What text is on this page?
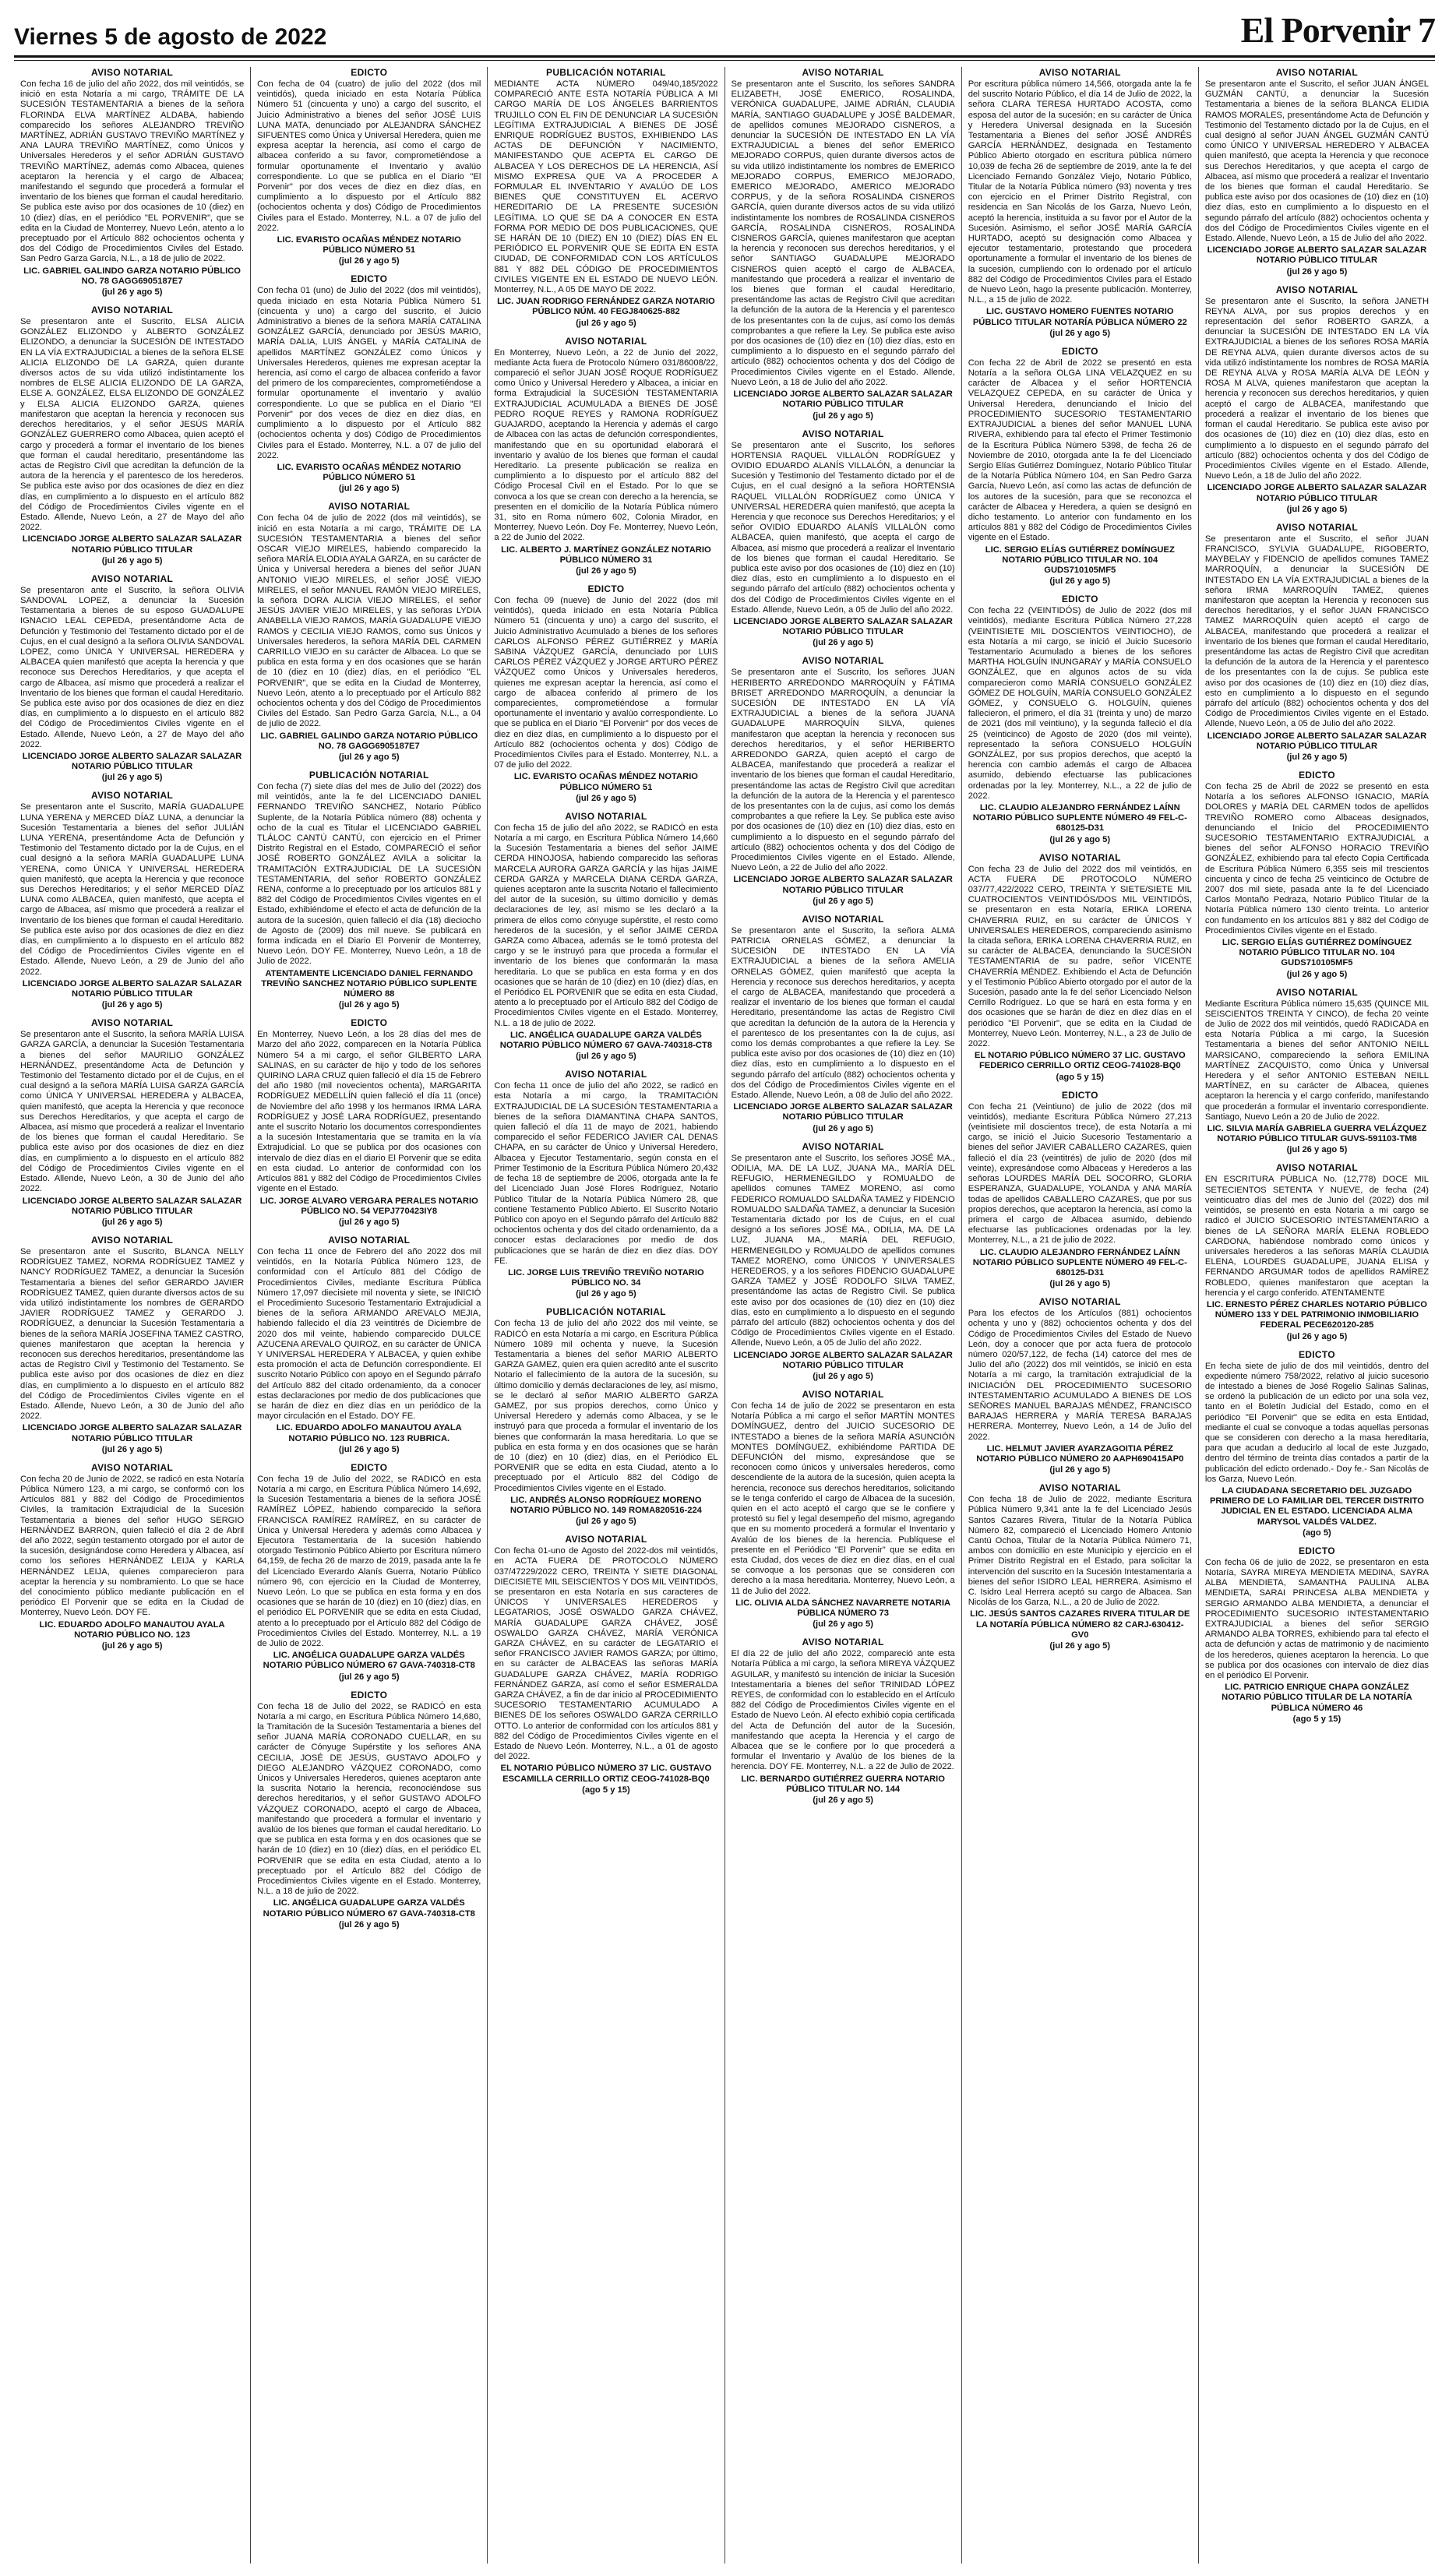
Viernes 5 de agosto de 2022	El Porvenir 7
AVISO NOTARIAL
Con fecha 16 de julio del año 2022, dos mil veintidós, se inició en esta Notaría a mi cargo, TRÁMITE DE LA SUCESIÓN TESTAMENTARIA a bienes de la señora FLORINDA ELVA MARTÍNEZ ALDABA, habiendo comparecido los señores ALEJANDRO TREVIÑO MARTÍNEZ, ADRIÁN GUSTAVO TREVIÑO MARTÍNEZ y ANA LAURA TREVIÑO MARTÍNEZ, como Únicos y Universales Herederos y el señor ADRIÁN GUSTAVO TREVIÑO MARTÍNEZ, además como Albacea, quienes aceptaron la herencia y el cargo de Albacea; manifestando el segundo que procederá a formular el inventario de los bienes que forman el caudal hereditario. Se publica este aviso por dos ocasiones de 10 (diez) en 10 (diez) días, en el periódico "EL PORVENIR", que se edita en la Ciudad de Monterrey, Nuevo León, atento a lo preceptuado por el Artículo 882 ochocientos ochenta y dos del Código de Procedimientos Civiles del Estado. San Pedro Garza García, N.L., a 18 de julio de 2022.
LIC. GABRIEL GALINDO GARZA NOTARIO PÚBLICO NO. 78 GAGG6905187E7
(jul 26 y ago 5)
AVISO NOTARIAL
Se presentaron ante el Suscrito, ELSA ALICIA GONZÁLEZ ELIZONDO y ALBERTO GONZÁLEZ ELIZONDO, a denunciar la SUCESIÓN DE INTESTADO EN LA VÍA EXTRAJUDICIAL a bienes de la señora ELSE ALICIA ELIZONDO DE LA GARZA, quien durante diversos actos de su vida utilizó indistintamente los nombres de ELSE ALICIA ELIZONDO DE LA GARZA, ELSE A. GONZÁLEZ, ELSA ELIZONDO DE GONZÁLEZ y ELSA ALICIA ELIZONDO GARZA, quienes manifestaron que aceptan la herencia y reconocen sus derechos hereditarios, y el señor JESÚS MARÍA GONZÁLEZ GUERRERO como Albacea, quien aceptó el cargo y procederá a formar el inventario de los bienes que forman el caudal hereditario, presentándome las actas de Registro Civil que acreditan la defunción de la autora de la herencia y el parentesco de los herederos. Se publica este aviso por dos ocasiones de diez en diez días, en cumplimiento a lo dispuesto en el artículo 882 del Código de Procedimientos Civiles vigente en el Estado. Allende, Nuevo León, a 27 de Mayo del año 2022.
LICENCIADO JORGE ALBERTO SALAZAR SALAZAR NOTARIO PÚBLICO TITULAR
(jul 26 y ago 5)
AVISO NOTARIAL
Se presentaron ante el Suscrito, la señora OLIVIA SANDOVAL LOPEZ, a denunciar la Sucesión Testamentaria a bienes de su esposo GUADALUPE IGNACIO LEAL CEPEDA, presentándome Acta de Defunción y Testimonio del Testamento dictado por el de Cujus, en el cual designó a la señora OLIVIA SANDOVAL LOPEZ, como ÚNICA Y UNIVERSAL HEREDERA y ALBACEA quien manifestó que acepta la herencia y que reconoce sus Derechos Hereditarios, y que acepta el cargo de Albacea, así mismo que procederá a realizar el Inventario de los bienes que forman el caudal Hereditario. Se publica este aviso por dos ocasiones de diez en diez días, en cumplimiento a lo dispuesto en el artículo 882 del Código de Procedimientos Civiles vigente en el Estado. Allende, Nuevo León, a 27 de Mayo del año 2022.
LICENCIADO JORGE ALBERTO SALAZAR SALAZAR NOTARIO PÚBLICO TITULAR
(jul 26 y ago 5)
AVISO NOTARIAL
Se presentaron ante el Suscrito, MARÍA GUADALUPE LUNA YERENA y MERCED DÍAZ LUNA, a denunciar la Sucesión Testamentaria a bienes del señor JULIÁN LUNA YERENA, presentándome Acta de Defunción y Testimonio del Testamento dictado por la de Cujus, en el cual designó a la señora MARÍA GUADALUPE LUNA YERENA, como ÚNICA Y UNIVERSAL HEREDERA quien manifestó, que acepta la Herencia y que reconoce sus Derechos Hereditarios; y el señor MERCED DÍAZ LUNA como ALBACEA, quien manifestó, que acepta el cargo de Albacea, así mismo que procederá a realizar el Inventario de los bienes que forman el caudal Hereditario. Se publica este aviso por dos ocasiones de diez en diez días, en cumplimiento a lo dispuesto en el artículo 882 del Código de Procedimientos Civiles vigente en el Estado. Allende, Nuevo León, a 29 de Junio del año 2022.
LICENCIADO JORGE ALBERTO SALAZAR SALAZAR NOTARIO PÚBLICO TITULAR
(jul 26 y ago 5)
AVISO NOTARIAL
Se presentaron ante el Suscrito, la señora MARÍA LUISA GARZA GARCÍA, a denunciar la Sucesión Testamentaria a bienes del señor MAURILIO GONZÁLEZ HERNÁNDEZ, presentándome Acta de Defunción y Testimonio del Testamento dictado por el de Cujus, en el cual designó a la señora MARÍA LUISA GARZA GARCÍA como ÚNICA Y UNIVERSAL HEREDERA y ALBACEA, quien manifestó, que acepta la Herencia y que reconoce sus Derechos Hereditarios, y que acepta el cargo de Albacea, así mismo que procederá a realizar el Inventario de los bienes que forman el caudal Hereditario. Se publica este aviso por dos ocasiones de diez en diez días, en cumplimiento a lo dispuesto en el artículo 882 del Código de Procedimientos Civiles vigente en el Estado. Allende, Nuevo León, a 30 de Junio del año 2022.
LICENCIADO JORGE ALBERTO SALAZAR SALAZAR NOTARIO PÚBLICO TITULAR
(jul 26 y ago 5)
AVISO NOTARIAL
Se presentaron ante el Suscrito, BLANCA NELLY RODRÍGUEZ TAMEZ, NORMA RODRÍGUEZ TAMEZ y NANCY RODRÍGUEZ TAMEZ, a denunciar la Sucesión Testamentaria a bienes del señor GERARDO JAVIER RODRÍGUEZ TAMEZ, quien durante diversos actos de su vida utilizó indistintamente los nombres de GERARDO JAVIER RODRÍGUEZ TAMEZ y GERARDO J. RODRÍGUEZ, a denunciar la Sucesión Testamentaria a bienes de la señora MARÍA JOSEFINA TAMEZ CASTRO, quienes manifestaron que aceptan la herencia y reconocen sus derechos hereditarios, presentándome las actas de Registro Civil y Testimonio del Testamento. Se publica este aviso por dos ocasiones de diez en diez días, en cumplimiento a lo dispuesto en el artículo 882 del Código de Procedimientos Civiles vigente en el Estado. Allende, Nuevo León, a 30 de Junio del año 2022.
LICENCIADO JORGE ALBERTO SALAZAR SALAZAR NOTARIO PÚBLICO TITULAR
(jul 26 y ago 5)
AVISO NOTARIAL
Con fecha 20 de Junio de 2022, se radicó en esta Notaría Pública Número 123, a mi cargo, se conformó con los Artículos 881 y 882 del Código de Procedimientos Civiles, la tramitación Extrajudicial de la Sucesión Testamentaria a bienes del señor HUGO SERGIO HERNÁNDEZ BARRON, quien falleció el día 2 de Abril del año 2022, según testamento otorgado por el autor de la sucesión, designándose como Heredera y Albacea, así como los señores HERNÁNDEZ LEIJA y KARLA HERNÁNDEZ LEIJA, quienes comparecieron para aceptar la herencia y su nombramiento. Lo que se hace del conocimiento público mediante publicación en el periódico El Porvenir que se edita en la Ciudad de Monterrey, Nuevo León. DOY FE.
LIC. EDUARDO ADOLFO MANAUTOU AYALA NOTARIO PÚBLICO NO. 123
(jul 26 y ago 5)
EDICTO
Con fecha de 04 (cuatro) de julio del 2022 (dos mil veintidós), queda iniciado en esta Notaría Pública Número 51 (cincuenta y uno) a cargo del suscrito, el Juicio Administrativo a bienes del señor JOSÉ LUIS LUNA MATA, denunciado por ALEJANDRA SÁNCHEZ SIFUENTES como Única y Universal Heredera, quien me expresa aceptar la herencia, así como el cargo de albacea conferido a su favor, comprometiéndose a formular oportunamente el Inventario y avalúo correspondiente. Lo que se publica en el Diario "El Porvenir" por dos veces de diez en diez días, en cumplimiento a lo dispuesto por el Artículo 882 (ochocientos ochenta y dos) Código de Procedimientos Civiles para el Estado. Monterrey, N.L. a 07 de julio del 2022.
LIC. EVARISTO OCAÑAS MÉNDEZ NOTARIO PÚBLICO NÚMERO 51
(jul 26 y ago 5)
EDICTO
Con fecha 01 (uno) de Julio del 2022 (dos mil veintidós), queda iniciado en esta Notaría Pública Número 51 (cincuenta y uno) a cargo del suscrito, el Juicio Administrativo a bienes de la señora MARÍA CATALINA GONZÁLEZ GARCÍA, denunciado por JESÚS MARIO, MARÍA DALIA, LUIS ÁNGEL y MARÍA CATALINA de apellidos MARTÍNEZ GONZÁLEZ como Únicos y Universales Herederos, quienes me expresan aceptar la herencia, así como el cargo de albacea conferido a favor del primero de los comparecientes, comprometiéndose a formular oportunamente el inventario y avalúo correspondiente. Lo que se publica en el Diario "El Porvenir" por dos veces de diez en diez días, en cumplimiento a lo dispuesto por el Artículo 882 (ochocientos ochenta y dos) Código de Procedimientos Civiles para el Estado. Monterrey, N.L. a 07 de julio del 2022.
LIC. EVARISTO OCAÑAS MÉNDEZ NOTARIO PÚBLICO NÚMERO 51
(jul 26 y ago 5)
AVISO NOTARIAL
Con fecha 04 de julio de 2022 (dos mil veintidós), se inició en esta Notaría a mi cargo, TRÁMITE DE LA SUCESIÓN TESTAMENTARIA a bienes del señor OSCAR VIEJO MIRELES, habiendo comparecido la señora MARÍA ELODIA AYALA GARZA, en su carácter de Única y Universal heredera a bienes del señor JUAN ANTONIO VIEJO MIRELES, el señor JOSÉ VIEJO MIRELES, el señor MANUEL RAMÓN VIEJO MIRELES, la señora DORA ALICIA VIEJO MIRELES, el señor JESÚS JAVIER VIEJO MIRELES, y las señoras LYDIA ANABELLA VIEJO RAMOS, MARÍA GUADALUPE VIEJO RAMOS y CECILIA VIEJO RAMOS, como sus Únicos y Universales herederos, la señora MARÍA DEL CARMEN CARRILLO VIEJO en su carácter de Albacea. Lo que se publica en esta forma y en dos ocasiones que se harán de 10 (diez en 10 (diez) días, en el periódico "EL PORVENIR", que se edita en la Ciudad de Monterrey, Nuevo León, atento a lo preceptuado por el Artículo 882 ochocientos ochenta y dos del Código de Procedimientos Civiles del Estado. San Pedro Garza García, N.L., a 04 de julio de 2022.
LIC. GABRIEL GALINDO GARZA NOTARIO PÚBLICO NO. 78 GAGG6905187E7
(jul 26 y ago 5)
PUBLICACIÓN NOTARIAL
Con fecha (7) siete días del mes de Julio del (2022) dos mil veintidós, ante la fe del LICENCIADO DANIEL FERNANDO TREVIÑO SANCHEZ, Notario Público Suplente, de la Notaría Pública número (88) ochenta y ocho de la cual es Titular el LICENCIADO GABRIEL TLÁLOC CANTÚ CANTÚ, con ejercicio en el Primer Distrito Registral en el Estado, COMPARECIÓ el señor JOSÉ ROBERTO GONZÁLEZ AVILA a solicitar la TRAMITACIÓN EXTRAJUDICIAL DE LA SUCESIÓN TESTAMENTARIA, del señor ROBERTO GONZÁLEZ RENA, conforme a lo preceptuado por los artículos 881 y 882 del Código de Procedimientos Civiles vigentes en el Estado, exhibiéndome el efecto el acta de defunción de la autora de la sucesión, quien falleció el día (18) dieciocho de Agosto de (2009) dos mil nueve. Se publicará en forma indicada en el Diario El Porvenir de Monterrey, Nuevo León. DOY FE. Monterrey, Nuevo León, a 18 de Julio de 2022.
ATENTAMENTE LICENCIADO DANIEL FERNANDO TREVIÑO SANCHEZ NOTARIO PÚBLICO SUPLENTE NÚMERO 88
(jul 26 y ago 5)
EDICTO
En Monterrey, Nuevo León, a los 28 días del mes de Marzo del año 2022, comparecen en la Notaría Pública Número 54 a mi cargo, el señor GILBERTO LARA SALINAS, en su carácter de hijo y todo de los señores QUIRINO LARA CRUZ quien falleció el día 15 de Febrero del año 1980 (mil novecientos ochenta), MARGARITA RODRÍGUEZ MEDELLÍN quien falleció el día 11 (once) de Noviembre del año 1998 y los hermanos IRMA LARA RODRÍGUEZ y JOSÉ LARA RODRÍGUEZ, presentando ante el suscrito Notario los documentos correspondientes a la sucesión Intestamentaria que se tramita en la vía Extrajudicial. Lo que se publica por dos ocasiones con intervalo de diez días en el diario El Porvenir que se edita en esta ciudad. Lo anterior de conformidad con los Artículos 881 y 882 del Código de Procedimientos Civiles vigente en el Estado.
LIC. JORGE ALVARO VERGARA PERALES NOTARIO PÚBLICO NO. 54 VEPJ770423IY8
(jul 26 y ago 5)
AVISO NOTARIAL
Con fecha 11 once de Febrero del año 2022 dos mil veintidós, en la Notaría Pública Número 123, de conformidad con el Artículo 881 del Código de Procedimientos Civiles, mediante Escritura Pública Número 17,097 diecisiete mil noventa y siete, se INICIÓ el Procedimiento Sucesorio Testamentario Extrajudicial a bienes de la señora ARMANDO AREVALO MEJIA, habiendo fallecido el día 23 veintitrés de Diciembre de 2020 dos mil veinte, habiendo comparecido DULCE AZUCENA AREVALO QUIROZ, en su carácter de ÚNICA Y UNIVERSAL HEREDERA Y ALBACEA, y quien exhibe esta promoción el acta de Defunción correspondiente. El suscrito Notario Público con apoyo en el Segundo párrafo del Artículo 882 del citado ordenamiento, da a conocer estas declaraciones por medio de dos publicaciones que se harán de diez en diez días en un periódico de la mayor circulación en el Estado. DOY FE.
LIC. EDUARDO ADOLFO MANAUTOU AYALA NOTARIO PÚBLICO NO. 123 RUBRICA.
(jul 26 y ago 5)
EDICTO
Con fecha 19 de Julio del 2022, se RADICÓ en esta Notaría a mi cargo, en Escritura Pública Número 14,692, la Sucesión Testamentaria a bienes de la señora JOSÉ RAMÍREZ LÓPEZ, habiendo comparecido la señora FRANCISCA RAMÍREZ RAMÍREZ, en su carácter de Única y Universal Heredera y además como Albacea y Ejecutora Testamentaria de la sucesión habiendo otorgado Testimonio Público Abierto por Escritura número 64,159, de fecha 26 de marzo de 2019, pasada ante la fe del Licenciado Everardo Alanís Guerra, Notario Público número 96, con ejercicio en la Ciudad de Monterrey, Nuevo León. Lo que se publica en esta forma y en dos ocasiones que se harán de 10 (diez) en 10 (diez) días, en el periódico EL PORVENIR que se edita en esta Ciudad, atento a lo preceptuado por el Artículo 882 del Código de Procedimientos Civiles del Estado. Monterrey, N.L. a 19 de Julio de 2022.
LIC. ANGÉLICA GUADALUPE GARZA VALDÉS NOTARIO PÚBLICO NÚMERO 67 GAVA-740318-CT8
(jul 26 y ago 5)
EDICTO
Con fecha 18 de Julio del 2022, se RADICÓ en esta Notaría a mi cargo, en Escritura Pública Número 14,680, la Tramitación de la Sucesión Testamentaria a bienes del señor JUANA MARÍA CORONADO CUELLAR, en su carácter de Cónyuge Supérstite y los señores ANA CECILIA, JOSÉ DE JESÚS, GUSTAVO ADOLFO y DIEGO ALEJANDRO VÁZQUEZ CORONADO, como Únicos y Universales Herederos, quienes aceptaron ante la suscrita Notario la herencia, reconociéndose sus derechos hereditarios, y el señor GUSTAVO ADOLFO VÁZQUEZ CORONADO, aceptó el cargo de Albacea, manifestando que procederá a formular el inventario y avalúo de los bienes que forman el caudal hereditario. Lo que se publica en esta forma y en dos ocasiones que se harán de 10 (diez) en 10 (diez) días, en el periódico EL PORVENIR que se edita en esta Ciudad, atento a lo preceptuado por el Artículo 882 del Código de Procedimientos Civiles vigente en el Estado. Monterrey, N.L. a 18 de julio de 2022.
LIC. ANGÉLICA GUADALUPE GARZA VALDÉS NOTARIO PÚBLICO NÚMERO 67 GAVA-740318-CT8
(jul 26 y ago 5)
PUBLICACIÓN NOTARIAL
MEDIANTE ACTA NÚMERO 049/40,185/2022 COMPARECIÓ ANTE ESTA NOTARÍA PÚBLICA A MI CARGO MARÍA DE LOS ÁNGELES BARRIENTOS TRUJILLO CON EL FIN DE DENUNCIAR LA SUCESIÓN LEGÍTIMA EXTRAJUDICIAL A BIENES DE JOSÉ ENRIQUE RODRÍGUEZ BUSTOS, EXHIBIENDO LAS ACTAS DE DEFUNCIÓN Y NACIMIENTO, MANIFESTANDO QUE ACEPTA EL CARGO DE ALBACEA Y LOS DERECHOS DE LA HERENCIA, ASÍ MISMO EXPRESA QUE VA A PROCEDER A FORMULAR EL INVENTARIO Y AVALÚO DE LOS BIENES QUE CONSTITUYEN EL ACERVO HEREDITARIO DE LA PRESENTE SUCESIÓN LEGÍTIMA. LO QUE SE DA A CONOCER EN ESTA FORMA POR MEDIO DE DOS PUBLICACIONES, QUE SE HARÁN DE 10 (DIEZ) EN 10 (DIEZ) DÍAS EN EL PERIÓDICO EL PORVENIR QUE SE EDITA EN ESTA CIUDAD, DE CONFORMIDAD CON LOS ARTÍCULOS 881 Y 882 DEL CÓDIGO DE PROCEDIMIENTOS CIVILES VIGENTE EN EL ESTADO DE NUEVO LEÓN. Monterrey, N.L., A 05 DE MAYO DE 2022.
LIC. JUAN RODRIGO FERNÁNDEZ GARZA NOTARIO PÚBLICO NÚM. 40 FEGJ840625-882
(jul 26 y ago 5)
AVISO NOTARIAL
En Monterrey, Nuevo León, a 22 de Junio del 2022, mediante Acta fuera de Protocolo Número 031/86008/22, compareció el señor JUAN JOSÉ ROQUE RODRÍGUEZ como Único y Universal Heredero y Albacea, a iniciar en forma Extrajudicial la SUCESIÓN TESTAMENTARIA EXTRAJUDICIAL ACUMULADA a BIENES DE JOSÉ PEDRO ROQUE REYES y RAMONA RODRÍGUEZ GUAJARDO, aceptando la Herencia y además el cargo de Albacea con las actas de defunción correspondientes, manifestando que en su oportunidad elaborará el inventario y avalúo de los bienes que forman el caudal Hereditario. La presente publicación se realiza en cumplimiento a lo dispuesto por el artículo 882 del Código Procesal Civil en el Estado. Por lo que se convoca a los que se crean con derecho a la herencia, se presenten en el domicilio de la Notaría Pública número 31, sito en Roma número 602, Colonia Mirador, en Monterrey, Nuevo León. Doy Fe. Monterrey, Nuevo León, a 22 de Junio del 2022.
LIC. ALBERTO J. MARTÍNEZ GONZÁLEZ NOTARIO PÚBLICO NÚMERO 31
(jul 26 y ago 5)
EDICTO
Con fecha 09 (nueve) de Junio del 2022 (dos mil veintidós), queda iniciado en esta Notaría Pública Número 51 (cincuenta y uno) a cargo del suscrito, el Juicio Administrativo Acumulado a bienes de los señores CARLOS ALFONSO PÉREZ GUTIÉRREZ y MARÍA SABINA VÁZQUEZ GARCÍA, denunciado por LUIS CARLOS PÉREZ VÁZQUEZ y JORGE ARTURO PÉREZ VÁZQUEZ como Únicos y Universales herederos, quienes me expresan aceptar la herencia, así como el cargo de albacea conferido al primero de los comparecientes, comprometiéndose a formular oportunamente el inventario y avalúo correspondiente. Lo que se publica en el Diario "El Porvenir" por dos veces de diez en diez días, en cumplimiento a lo dispuesto por el Artículo 882 (ochocientos ochenta y dos) Código de Procedimientos Civiles para el Estado. Monterrey, N.L. a 07 de julio del 2022.
LIC. EVARISTO OCAÑAS MÉNDEZ NOTARIO PÚBLICO NÚMERO 51
(jul 26 y ago 5)
AVISO NOTARIAL
Con fecha 15 de julio del año 2022, se RADICÓ en esta Notaría a mi cargo, en Escritura Pública Número 14,660 la Sucesión Testamentaria a bienes del señor JAIME CERDA HINOJOSA, habiendo comparecido las señoras MARCELA AURORA GARZA GARCÍA y las hijas JAIME CERDA GARZA y MARCELA DIANA CERDA GARZA, quienes aceptaron ante la suscrita Notario el fallecimiento del autor de la sucesión, su último domicilio y demás declaraciones de ley, así mismo se les declaró a la primera de ellos como cónyuge supérstite, el resto como herederos de la sucesión, y el señor JAIME CERDA GARZA como Albacea, además se le tomó protesta del cargo y se le instruyó para que proceda a formular el inventario de los bienes que conformarán la masa hereditaria. Lo que se publica en esta forma y en dos ocasiones que se harán de 10 (diez) en 10 (diez) días, en el Periódico EL PORVENIR que se edita en esta Ciudad, atento a lo preceptuado por el Artículo 882 del Código de Procedimientos Civiles vigente en el Estado. Monterrey, N.L. a 18 de julio de 2022.
LIC. ANGÉLICA GUADALUPE GARZA VALDÉS NOTARIO PÚBLICO NÚMERO 67 GAVA-740318-CT8
(jul 26 y ago 5)
AVISO NOTARIAL
Con fecha 11 once de julio del año 2022, se radicó en esta Notaría a mi cargo, la TRAMITACIÓN EXTRAJUDICIAL DE LA SUCESIÓN TESTAMENTARIA a bienes de la señora DIAMANTINA CHAPA SANTOS, quien falleció el día 11 de mayo de 2021, habiendo comparecido el señor FEDERICO JAVIER CAL DENAS CHAPA, en su carácter de Único y Universal Heredero, Albacea y Ejecutor Testamentario, según consta en el Primer Testimonio de la Escritura Pública Número 20,432 de fecha 18 de septiembre de 2006, otorgada ante la fe del Licenciado Juan José Flores Rodríguez, Notario Público Titular de la Notaría Pública Número 28, que contiene Testamento Público Abierto. El Suscrito Notario Público con apoyo en el Segundo párrafo del Artículo 882 ochocientos ochenta y dos del citado ordenamiento, da a conocer estas declaraciones por medio de dos publicaciones que se harán de diez en diez días. DOY FE.
LIC. JORGE LUIS TREVIÑO TREVIÑO NOTARIO PÚBLICO NO. 34
(jul 26 y ago 5)
PUBLICACIÓN NOTARIAL
Con fecha 13 de julio del año 2022 dos mil veinte, se RADICÓ en esta Notaría a mi cargo, en Escritura Pública Número 1089 mil ochenta y nueve, la Sucesión Testamentaria a bienes del señor MARIO ALBERTO GARZA GAMEZ, quien era quien acreditó ante el suscrito Notario el fallecimiento de la autora de la sucesión, su último domicilio y demás declaraciones de ley, así mismo, se le declaró al señor MARIO ALBERTO GARZA GAMEZ, por sus propios derechos, como Único y Universal Heredero y además como Albacea, y se le instruyó para que proceda a formular el inventario de los bienes que conformarán la masa hereditaria. Lo que se publica en esta forma y en dos ocasiones que se harán de 10 (diez) en 10 (diez) días, en el Periódico EL PORVENIR que se edita en esta Ciudad, atento a lo preceptuado por el Artículo 882 del Código de Procedimientos Civiles vigente en el Estado.
LIC. ANDRÉS ALONSO RODRÍGUEZ MORENO NOTARIO PÚBLICO NO. 149 ROMA820516-224
(jul 26 y ago 5)
AVISO NOTARIAL
Con fecha 01-uno de Agosto del 2022-dos mil veintidós, en ACTA FUERA DE PROTOCOLO NÚMERO 037/47229/2022 CERO, TREINTA Y SIETE DIAGONAL DIECISIETE MIL SEISCIENTOS Y DOS MIL VEINTIDÓS, se presentaron en esta Notaría en sus caracteres de ÚNICOS Y UNIVERSALES HEREDEROS y LEGATARIOS, JOSÉ OSWALDO GARZA CHÁVEZ, MARÍA GUADALUPE GARZA CHÁVEZ, JOSÉ OSWALDO GARZA CHÁVEZ, MARÍA VERÓNICA GARZA CHÁVEZ, en su carácter de LEGATARIO el señor FRANCISCO JAVIER RAMOS GARZA; por último, en su carácter de ALBACEAS las señoras MARÍA GUADALUPE GARZA CHÁVEZ, MARÍA RODRIGO FERNÁNDEZ GARZA, así como el señor ESMERALDA GARZA CHÁVEZ, a fin de dar inicio al PROCEDIMIENTO SUCESORIO TESTAMENTARIO ACUMULADO A BIENES DE los señores OSWALDO GARZA CERRILLO OTTO. Lo anterior de conformidad con los artículos 881 y 882 del Código de Procedimientos Civiles vigente en el Estado de Nuevo León. Monterrey, N.L., a 01 de agosto del 2022.
EL NOTARIO PÚBLICO NÚMERO 37 LIC. GUSTAVO ESCAMILLA CERRILLO ORTIZ CEOG-741028-BQ0
(ago 5 y 15)
AVISO NOTARIAL
Se presentaron ante el Suscrito, los señores SANDRA ELIZABETH, JOSÉ EMERICO, ROSALINDA, VERÓNICA GUADALUPE, JAIME ADRIÁN, CLAUDIA MARÍA, SANTIAGO GUADALUPE y JOSÉ BALDEMAR, de apellidos comunes MEJORADO CISNEROS, a denunciar la SUCESIÓN DE INTESTADO EN LA VÍA EXTRAJUDICIAL a bienes del señor EMERICO MEJORADO CORPUS, quien durante diversos actos de su vida utilizó indistintamente los nombres de EMERICO MEJORADO CORPUS, EMERICO MEJORADO, EMERICO MEJORADO, AMERICO MEJORADO CORPUS, y de la señora ROSALINDA CISNEROS GARCÍA, quien durante diversos actos de su vida utilizó indistintamente los nombres de ROSALINDA CISNEROS GARCÍA, ROSALINDA CISNEROS, ROSALINDA CISNEROS GARCÍA, quienes manifestaron que aceptan la herencia y reconocen sus derechos hereditarios, y el señor SANTIAGO GUADALUPE MEJORADO CISNEROS quien aceptó el cargo de ALBACEA, manifestando que procederá a realizar el inventario de los bienes que forman el caudal Hereditario, presentándome las actas de Registro Civil que acreditan la defunción de la autora de la Herencia y el parentesco de los presentantes con la de cujus, así como los demás comprobantes a que refiere la Ley. Se publica este aviso por dos ocasiones de (10) diez en (10) diez días, esto en cumplimiento a lo dispuesto en el segundo párrafo del artículo (882) ochocientos ochenta y dos del Código de Procedimientos Civiles vigente en el Estado. Allende, Nuevo León, a 18 de Julio del año 2022.
LICENCIADO JORGE ALBERTO SALAZAR SALAZAR NOTARIO PÚBLICO TITULAR
(jul 26 y ago 5)
AVISO NOTARIAL
Se presentaron ante el Suscrito, los señores HORTENSIA RAQUEL VILLALÓN RODRÍGUEZ y OVIDIO EDUARDO ALANÍS VILLALÓN, a denunciar la Sucesión y Testimonio del Testamento dictado por el de Cujus, en el cual designó a la señora HORTENSIA RAQUEL VILLALÓN RODRÍGUEZ como ÚNICA Y UNIVERSAL HEREDERA quien manifestó, que acepta la Herencia y que reconoce sus Derechos Hereditarios; y el señor OVIDIO EDUARDO ALANÍS VILLALÓN como ALBACEA, quien manifestó, que acepta el cargo de Albacea, así mismo que procederá a realizar el Inventario de los bienes que forman el caudal Hereditario. Se publica este aviso por dos ocasiones de (10) diez en (10) diez días, esto en cumplimiento a lo dispuesto en el segundo párrafo del artículo (882) ochocientos ochenta y dos del Código de Procedimientos Civiles vigente en el Estado. Allende, Nuevo León, a 05 de Julio del año 2022.
LICENCIADO JORGE ALBERTO SALAZAR SALAZAR NOTARIO PÚBLICO TITULAR
(jul 26 y ago 5)
AVISO NOTARIAL
Se presentaron ante el Suscrito, los señores JUAN HERIBERTO ARREDONDO MARROQUÍN y FÁTIMA BRISET ARREDONDO MARROQUÍN, a denunciar la SUCESIÓN DE INTESTADO EN LA VÍA EXTRAJUDICIAL a bienes de la señora JUANA GUADALUPE MARROQUÍN SILVA, quienes manifestaron que aceptan la herencia y reconocen sus derechos hereditarios, y el señor HERIBERTO ARREDONDO GARZA, quien aceptó el cargo de ALBACEA, manifestando que procederá a realizar el inventario de los bienes que forman el caudal Hereditario, presentándome las actas de Registro Civil que acreditan la defunción de la autora de la Herencia y el parentesco de los presentantes con la de cujus, así como los demás comprobantes a que refiere la Ley. Se publica este aviso por dos ocasiones de (10) diez en (10) diez días, esto en cumplimiento a lo dispuesto en el segundo párrafo del artículo (882) ochocientos ochenta y dos del Código de Procedimientos Civiles vigente en el Estado. Allende, Nuevo León, a 22 de Julio del año 2022.
LICENCIADO JORGE ALBERTO SALAZAR SALAZAR NOTARIO PÚBLICO TITULAR
(jul 26 y ago 5)
AVISO NOTARIAL
Se presentaron ante el Suscrito, la señora ALMA PATRICIA ORNELAS GÓMEZ, a denunciar la SUCESIÓN DE INTESTADO EN LA VÍA EXTRAJUDICIAL a bienes de la señora AMELIA ORNELAS GÓMEZ, quien manifestó que acepta la Herencia y reconoce sus derechos hereditarios, y acepta el cargo de ALBACEA, manifestando que procederá a realizar el inventario de los bienes que forman el caudal Hereditario, presentándome las actas de Registro Civil que acreditan la defunción de la autora de la Herencia y el parentesco de los presentantes con la de cujus, así como los demás comprobantes a que refiere la Ley. Se publica este aviso por dos ocasiones de (10) diez en (10) diez días, esto en cumplimiento a lo dispuesto en el segundo párrafo del artículo (882) ochocientos ochenta y dos del Código de Procedimientos Civiles vigente en el Estado. Allende, Nuevo León, a 08 de Julio del año 2022.
LICENCIADO JORGE ALBERTO SALAZAR SALAZAR NOTARIO PÚBLICO TITULAR
(jul 26 y ago 5)
AVISO NOTARIAL
Se presentaron ante el Suscrito, los señores JOSÉ MA., ODILIA, MA. DE LA LUZ, JUANA MA., MARÍA DEL REFUGIO, HERMENEGILDO y ROMUALDO de apellidos comunes TAMEZ MORENO, así como FEDERICO ROMUALDO SALDAÑA TAMEZ y FIDENCIO ROMUALDO SALDAÑA TAMEZ, a denunciar la Sucesión Testamentaria dictado por los de Cujus, en el cual designó a los señores JOSÉ MA., ODILIA, MA. DE LA LUZ, JUANA MA., MARÍA DEL REFUGIO, HERMENEGILDO y ROMUALDO de apellidos comunes TAMEZ MORENO, como ÚNICOS Y UNIVERSALES HEREDEROS, y a los señores FIDENCIO GUADALUPE GARZA TAMEZ y JOSÉ RODOLFO SILVA TAMEZ, presentándome las actas de Registro Civil. Se publica este aviso por dos ocasiones de (10) diez en (10) diez días, esto en cumplimiento a lo dispuesto en el segundo párrafo del artículo (882) ochocientos ochenta y dos del Código de Procedimientos Civiles vigente en el Estado. Allende, Nuevo León, a 05 de Julio del año 2022.
LICENCIADO JORGE ALBERTO SALAZAR SALAZAR NOTARIO PÚBLICO TITULAR
(jul 26 y ago 5)
AVISO NOTARIAL
Con fecha 14 de julio de 2022 se presentaron en esta Notaría Pública a mi cargo el señor MARTÍN MONTES DOMÍNGUEZ, dentro del JUICIO SUCESORIO DE INTESTADO a bienes de la señora MARÍA ASUNCIÓN MONTES DOMÍNGUEZ, exhibiéndome PARTIDA DE DEFUNCIÓN del mismo, expresándose que se reconocen como únicos y universales herederos, como descendiente de la autora de la sucesión, quien acepta la herencia, reconoce sus derechos hereditarios, solicitando se le tenga conferido el cargo de Albacea de la sucesión, quien en el acto aceptó el cargo que se le confiere y protestó su fiel y legal desempeño del mismo, agregando que en su momento procederá a formular el Inventario y Avalúo de los bienes de la herencia. Publíquese el presente en el Periódico "El Porvenir" que se edita en esta Ciudad, dos veces de diez en diez días, en el cual se convoque a los personas que se consideren con derecho a la masa hereditaria. Monterrey, Nuevo León, a 11 de Julio del 2022.
LIC. OLIVIA ALDA SÁNCHEZ NAVARRETE NOTARIA PÚBLICA NÚMERO 73
(jul 26 y ago 5)
AVISO NOTARIAL
El día 22 de julio del año 2022, compareció ante esta Notaría Pública a mi cargo, la señora MIREYA VÁZQUEZ AGUILAR, y manifestó su intención de iniciar la Sucesión Intestamentaria a bienes del señor TRINIDAD LÓPEZ REYES, de conformidad con lo establecido en el Artículo 882 del Código de Procedimientos Civiles vigente en el Estado de Nuevo León. Al efecto exhibió copia certificada del Acta de Defunción del autor de la Sucesión, manifestando que acepta la Herencia y el cargo de Albacea que se le confiere por lo que procederá a formular el Inventario y Avalúo de los bienes de la herencia. DOY FE. Monterrey, N.L. a 22 de Julio de 2022.
LIC. BERNARDO GUTIÉRREZ GUERRA NOTARIO PÚBLICO TITULAR NO. 144
(jul 26 y ago 5)
AVISO NOTARIAL
Por escritura pública número 14,566, otorgada ante la fe del suscrito Notario Público, el día 14 de Julio de 2022, la señora CLARA TERESA HURTADO ACOSTA, como esposa del autor de la sucesión; en su carácter de Única y Heredera Universal designada en la Sucesión Testamentaria a Bienes del señor JOSÉ ANDRÉS GARCÍA HERNÁNDEZ, designada en Testamento Público Abierto otorgado en escritura pública número 10,039 de fecha 26 de septiembre de 2019, ante la fe del Licenciado Fernando González Viejo, Notario Público, Titular de la Notaría Pública número (93) noventa y tres con ejercicio en el Primer Distrito Registral, con residencia en San Nicolás de los Garza, Nuevo León, aceptó la herencia, instituida a su favor por el Autor de la Sucesión. Asimismo, el señor JOSÉ MARÍA GARCÍA HURTADO, aceptó su designación como Albacea y ejecutor testamentario, protestando que procederá oportunamente a formular el inventario de los bienes de la sucesión, cumpliendo con lo ordenado por el artículo 882 del Código de Procedimientos Civiles para el Estado de Nuevo León, hago la presente publicación. Monterrey, N.L., a 15 de julio de 2022.
LIC. GUSTAVO HOMERO FUENTES NOTARIO PÚBLICO TITULAR NOTARÍA PÚBLICA NÚMERO 22
(jul 26 y ago 5)
EDICTO
Con fecha 22 de Abril de 2022 se presentó en esta Notaría a la señora OLGA LINA VELAZQUEZ en su carácter de Albacea y el señor HORTENCIA VELAZQUEZ CEPEDA, en su carácter de Única y Universal Heredera, denunciando el Inicio del PROCEDIMIENTO SUCESORIO TESTAMENTARIO EXTRAJUDICIAL a bienes del señor MANUEL LUNA RIVERA, exhibiendo para tal efecto el Primer Testimonio de la Escritura Pública Número 5398, de fecha 26 de Noviembre de 2010, otorgada ante la fe del Licenciado Sergio Elías Gutiérrez Domínguez, Notario Público Titular de la Notaría Pública Número 104, en San Pedro Garza García, Nuevo León, así como las actas de defunción de los autores de la sucesión, para que se reconozca el carácter de Albacea y Heredera, a quien se designó en dicho testamento. Lo anterior con fundamento en los artículos 881 y 882 del Código de Procedimientos Civiles vigente en el Estado.
LIC. SERGIO ELÍAS GUTIÉRREZ DOMÍNGUEZ NOTARIO PÚBLICO TITULAR NO. 104 GUDS710105MF5
(jul 26 y ago 5)
EDICTO
Con fecha 22 (VEINTIDÓS) de Julio de 2022 (dos mil veintidós), mediante Escritura Pública Número 27,228 (VEINTISIETE MIL DOSCIENTOS VEINTIOCHO), de esta Notaría a mi cargo, se inició el Juicio Sucesorio Testamentario Acumulado a bienes de los señores MARTHA HOLGUÍN INUNGARAY y MARÍA CONSUELO GONZÁLEZ, que en algunos actos de su vida comparecieron como MARÍA CONSUELO GONZÁLEZ GÓMEZ DE HOLGUÍN, MARÍA CONSUELO GONZÁLEZ GÓMEZ, y CONSUELO G. HOLGUÍN, quienes fallecieron, el primero, el día 31 (treinta y uno) de marzo de 2021 (dos mil veintiuno), y la segunda falleció el día 25 (veinticinco) de Agosto de 2020 (dos mil veinte), representado la señora CONSUELO HOLGUÍN GONZÁLEZ, por sus propios derechos, que aceptó la herencia con cambio además el cargo de Albacea asumido, debiendo efectuarse las publicaciones ordenadas por la ley. Monterrey, N.L., a 22 de julio de 2022.
LIC. CLAUDIO ALEJANDRO FERNÁNDEZ LAÍNN NOTARIO PÚBLICO SUPLENTE NÚMERO 49 FEL-C-680125-D31
(jul 26 y ago 5)
AVISO NOTARIAL
Con fecha 23 de Julio del 2022 dos mil veintidós, en ACTA FUERA DE PROTOCOLO NÚMERO 037/77,422/2022 CERO, TREINTA Y SIETE/SIETE MIL CUATROCIENTOS VEINTIDÓS/DOS MIL VEINTIDÓS, se presentaron en esta Notaría, ERIKA LORENA CHAVERRIA RUIZ, en su carácter de ÚNICOS Y UNIVERSALES HEREDEROS, compareciendo asimismo la citada señora, ERIKA LORENA CHAVERRIA RUIZ, en su carácter de ALBACEA, denunciando la SUCESIÓN TESTAMENTARIA de su padre, señor VICENTE CHAVERRÍA MÉNDEZ. Exhibiendo el Acta de Defunción y el Testimonio Público Abierto otorgado por el autor de la Sucesión, pasado ante la fe del señor Licenciado Nelson Cerrillo Rodríguez. Lo que se hará en esta forma y en dos ocasiones que se harán de diez en diez días en el periódico "El Porvenir", que se edita en la Ciudad de Monterrey, Nuevo León. Monterrey, N.L., a 23 de Julio de 2022.
EL NOTARIO PÚBLICO NÚMERO 37 LIC. GUSTAVO FEDERICO CERRILLO ORTIZ CEOG-741028-BQ0
(ago 5 y 15)
EDICTO
Con fecha 21 (Veintiuno) de julio de 2022 (dos mil veintidós), mediante Escritura Pública Número 27,213 (veintisiete mil doscientos trece), de esta Notaría a mi cargo, se inició el Juicio Sucesorio Testamentario a bienes del señor JAVIER CABALLERO CAZARES, quien falleció el día 23 (veintitrés) de julio de 2020 (dos mil veinte), expresándose como Albaceas y Herederos a las señoras LOURDES MARÍA DEL SOCORRO, GLORIA ESPERANZA, GUADALUPE, YOLANDA y ANA MARÍA todas de apellidos CABALLERO CAZARES, que por sus propios derechos, que aceptaron la herencia, así como la primera el cargo de Albacea asumido, debiendo efectuarse las publicaciones ordenadas por la ley. Monterrey, N.L., a 21 de julio de 2022.
LIC. CLAUDIO ALEJANDRO FERNÁNDEZ LAÍNN NOTARIO PÚBLICO SUPLENTE NÚMERO 49 FEL-C-680125-D31
(jul 26 y ago 5)
AVISO NOTARIAL
Para los efectos de los Artículos (881) ochocientos ochenta y uno y (882) ochocientos ochenta y dos del Código de Procedimientos Civiles del Estado de Nuevo León, doy a conocer que por acta fuera de protocolo número 020/57,122, de fecha (14) catorce del mes de Julio del año (2022) dos mil veintidós, se inició en esta Notaría a mi cargo, la tramitación extrajudicial de la INICIACIÓN DEL PROCEDIMIENTO SUCESORIO INTESTAMENTARIO ACUMULADO A BIENES DE LOS SEÑORES MANUEL BARAJAS MÉNDEZ, FRANCISCO BARAJAS HERRERA y MARÍA TERESA BARAJAS HERRERA. Monterrey, Nuevo León, a 14 de Julio del 2022.
LIC. HELMUT JAVIER AYARZAGOITIA PÉREZ NOTARIO PÚBLICO NÚMERO 20 AAPH690415AP0
(jul 26 y ago 5)
AVISO NOTARIAL
Con fecha 18 de Julio de 2022, mediante Escritura Pública Número 9,341 ante la fe del Licenciado Jesús Santos Cazares Rivera, Titular de la Notaría Pública Número 82, compareció el Licenciado Homero Antonio Cantú Ochoa, Titular de la Notaría Pública Número 71, ambos con domicilio en este Municipio y ejercicio en el Primer Distrito Registral en el Estado, para solicitar la intervención del suscrito en la Sucesión Intestamentaria a bienes del señor ISIDRO LEAL HERRERA. Asimismo el C. Isidro Leal Herrera aceptó su cargo de Albacea. San Nicolás de los Garza, N.L., a 20 de Julio de 2022.
LIC. JESÚS SANTOS CAZARES RIVERA TITULAR DE LA NOTARÍA PÚBLICA NÚMERO 82 CARJ-630412-GV0
(jul 26 y ago 5)
AVISO NOTARIAL
Se presentaron ante el Suscrito, el señor JUAN ÁNGEL GUZMÁN CANTÚ, a denunciar la Sucesión Testamentaria a bienes de la señora BLANCA ELIDIA RAMOS MORALES, presentándome Acta de Defunción y Testimonio del Testamento dictado por la de Cujus, en el cual designó al señor JUAN ÁNGEL GUZMÁN CANTÚ como ÚNICO Y UNIVERSAL HEREDERO Y ALBACEA quien manifestó, que acepta la Herencia y que reconoce sus Derechos Hereditarios, y que acepta el cargo de Albacea, así mismo que procederá a realizar el Inventario de los bienes que forman el caudal Hereditario. Se publica este aviso por dos ocasiones de (10) diez en (10) diez días, esto en cumplimiento a lo dispuesto en el segundo párrafo del artículo (882) ochocientos ochenta y dos del Código de Procedimientos Civiles vigente en el Estado. Allende, Nuevo León, a 15 de Julio del año 2022.
LICENCIADO JORGE ALBERTO SALAZAR SALAZAR NOTARIO PÚBLICO TITULAR
(jul 26 y ago 5)
AVISO NOTARIAL
Se presentaron ante el Suscrito, la señora JANETH REYNA ALVA, por sus propios derechos y en representación del señor ROBERTO GARZA, a denunciar la SUCESIÓN DE INTESTADO EN LA VÍA EXTRAJUDICIAL a bienes de los señores ROSA MARÍA DE REYNA ALVA, quien durante diversos actos de su vida utilizó indistintamente los nombres de ROSA MARÍA DE REYNA ALVA y ROSA MARÍA ALVA DE LEÓN y ROSA M ALVA, quienes manifestaron que aceptan la herencia y reconocen sus derechos hereditarios, y quien aceptó el cargo de ALBACEA, manifestando que procederá a realizar el inventario de los bienes que forman el caudal Hereditario. Se publica este aviso por dos ocasiones de (10) diez en (10) diez días, esto en cumplimiento a lo dispuesto en el segundo párrafo del artículo (882) ochocientos ochenta y dos del Código de Procedimientos Civiles vigente en el Estado. Allende, Nuevo León, a 18 de Julio del año 2022.
LICENCIADO JORGE ALBERTO SALAZAR SALAZAR NOTARIO PÚBLICO TITULAR
(jul 26 y ago 5)
AVISO NOTARIAL
Se presentaron ante el Suscrito, el señor JUAN FRANCISCO, SYLVIA GUADALUPE, RIGOBERTO, MAYBELAY y FIDENCIO de apellidos comunes TAMEZ MARROQUÍN, a denunciar la SUCESIÓN DE INTESTADO EN LA VÍA EXTRAJUDICIAL a bienes de la señora IRMA MARROQUÍN TAMEZ, quienes manifestaron que aceptan la Herencia y reconocen sus derechos hereditarios, y el señor JUAN FRANCISCO TAMEZ MARROQUÍN quien aceptó el cargo de ALBACEA, manifestando que procederá a realizar el inventario de los bienes que forman el caudal Hereditario, presentándome las actas de Registro Civil que acreditan la defunción de la autora de la Herencia y el parentesco de los presentantes con la de cujus. Se publica este aviso por dos ocasiones de (10) diez en (10) diez días, esto en cumplimiento a lo dispuesto en el segundo párrafo del artículo (882) ochocientos ochenta y dos del Código de Procedimientos Civiles vigente en el Estado. Allende, Nuevo León, a 05 de Julio del año 2022.
LICENCIADO JORGE ALBERTO SALAZAR SALAZAR NOTARIO PÚBLICO TITULAR
(jul 26 y ago 5)
EDICTO
Con fecha 25 de Abril de 2022 se presentó en esta Notaría a los señores ALFONSO IGNACIO, MARÍA DOLORES y MARÍA DEL CARMEN todos de apellidos TREVIÑO ROMERO como Albaceas designados, denunciando el Inicio del PROCEDIMIENTO SUCESORIO TESTAMENTARIO EXTRAJUDICIAL a bienes del señor ALFONSO HORACIO TREVIÑO GONZÁLEZ, exhibiendo para tal efecto Copia Certificada de Escritura Pública Número 6,355 seis mil trescientos cincuenta y cinco de fecha 25 veinticinco de Octubre de 2007 dos mil siete, pasada ante la fe del Licenciado Carlos Montaño Pedraza, Notario Público Titular de la Notaría Pública número 130 ciento treinta. Lo anterior con fundamento en los artículos 881 y 882 del Código de Procedimientos Civiles vigente en el Estado.
LIC. SERGIO ELÍAS GUTIÉRREZ DOMÍNGUEZ NOTARIO PÚBLICO TITULAR NO. 104 GUDS710105MF5
(jul 26 y ago 5)
AVISO NOTARIAL
Mediante Escritura Pública número 15,635 (QUINCE MIL SEISCIENTOS TREINTA Y CINCO), de fecha 20 veinte de Julio de 2022 dos mil veintidós, quedó RADICADA en esta Notaría Pública a mi cargo, la Sucesión Testamentaria a bienes del señor ANTONIO NEILL MARSICANO, compareciendo la señora EMILINA MARTÍNEZ ZACQUISTO, como Única y Universal Heredera y el señor ANTONIO ESTEBAN NEILL MARTÍNEZ, en su carácter de Albacea, quienes aceptaron la herencia y el cargo conferido, manifestando que procederán a formular el inventario correspondiente. Santiago, Nuevo León a 20 de Julio de 2022.
LIC. SILVIA MARÍA GABRIELA GUERRA VELÁZQUEZ NOTARIO PÚBLICO TITULAR GUVS-591103-TM8
(jul 26 y ago 5)
AVISO NOTARIAL
EN ESCRITURA PÚBLICA No. (12,778) DOCE MIL SETECIENTOS SETENTA Y NUEVE, de fecha (24) veinticuatro días del mes de Junio del (2022) dos mil veintidós, se presentó en esta Notaría a mi cargo se radicó el JUICIO SUCESORIO INTESTAMENTARIO a bienes de LA SEÑORA MARÍA ELENA ROBLEDO CARDONA, habiéndose nombrado como únicos y universales herederos a las señoras MARÍA CLAUDIA ELENA, LOURDES GUADALUPE, JUANA ELISA y FERNANDO ARGUMAR todos de apellidos RAMÍREZ ROBLEDO, quienes manifestaron que aceptan la herencia y el cargo conferido. ATENTAMENTE
LIC. ERNESTO PÉREZ CHARLES NOTARIO PÚBLICO NÚMERO 133 Y DEL PATRIMONIO INMOBILIARIO FEDERAL PECE620120-285
(jul 26 y ago 5)
EDICTO
En fecha siete de julio de dos mil veintidós, dentro del expediente número 758/2022, relativo al juicio sucesorio de intestado a bienes de José Rogelio Salinas Salinas, se ordenó la publicación de un edicto por una sola vez, tanto en el Boletín Judicial del Estado, como en el periódico "El Porvenir" que se edita en esta Entidad, mediante el cual se convoque a todas aquellas personas que se consideren con derecho a la masa hereditaria, para que acudan a deducirlo al local de este Juzgado, dentro del término de treinta días contados a partir de la publicación del edicto ordenado.- Doy fe.- San Nicolás de los Garza, Nuevo León.
LA CIUDADANA SECRETARIO DEL JUZGADO PRIMERO DE LO FAMILIAR DEL TERCER DISTRITO JUDICIAL EN EL ESTADO. LICENCIADA ALMA MARYSOL VALDÉS VALDEZ.
(ago 5)
EDICTO
Con fecha 06 de julio de 2022, se presentaron en esta Notaría, SAYRA MIREYA MENDIETA MEDINA, SAYRA ALBA MENDIETA, SAMANTHA PAULINA ALBA MENDIETA, SARAI PRINCESA ALBA MENDIETA y SERGIO ARMANDO ALBA MENDIETA, a denunciar el PROCEDIMIENTO SUCESORIO INTESTAMENTARIO EXTRAJUDICIAL a bienes del señor SERGIO ARMANDO ALBA TORRES, exhibiendo para tal efecto el acta de defunción y actas de matrimonio y de nacimiento de los herederos, quienes aceptaron la herencia. Lo que se publica por dos ocasiones con intervalo de diez días en el periódico El Porvenir.
LIC. PATRICIO ENRIQUE CHAPA GONZÁLEZ NOTARIO PÚBLICO TITULAR DE LA NOTARÍA PÚBLICA NÚMERO 46
(ago 5 y 15)
